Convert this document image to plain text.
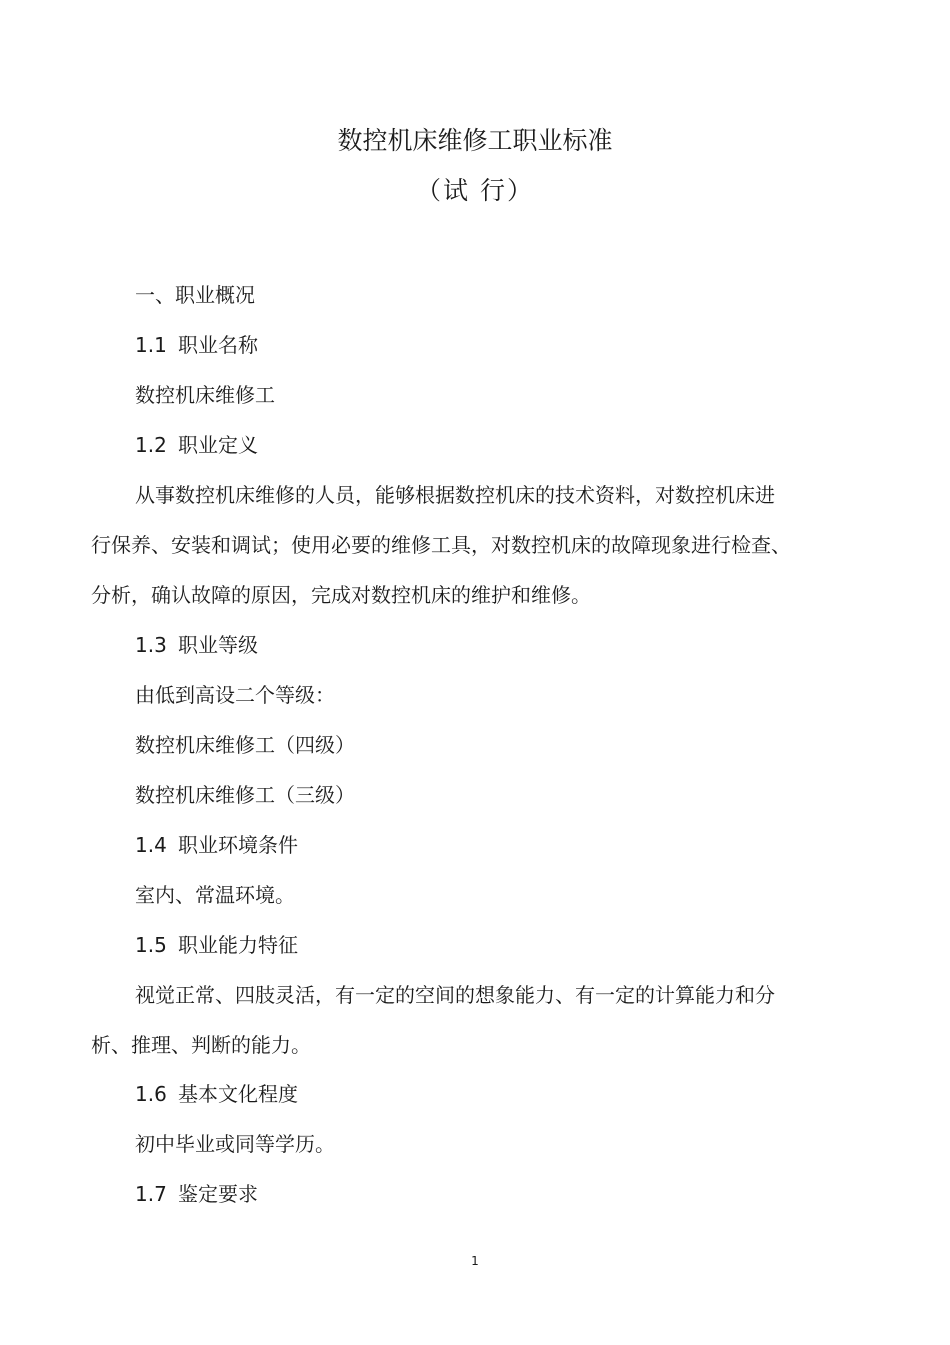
数控机床维修工职业标准
（试 行）
一、职业概况
1.1 职业名称
数控机床维修工
1.2 职业定义
从事数控机床维修的人员，能够根据数控机床的技术资料，对数控机床进
行保养、安装和调试；使用必要的维修工具，对数控机床的故障现象进行检查、
分析，确认故障的原因，完成对数控机床的维护和维修。
1.3 职业等级
由低到高设二个等级：
数控机床维修工（四级）
数控机床维修工（三级）
1.4 职业环境条件
室内、常温环境。
1.5 职业能力特征
视觉正常、四肢灵活，有一定的空间的想象能力、有一定的计算能力和分
析、推理、判断的能力。
1.6 基本文化程度
初中毕业或同等学历。
1.7 鉴定要求
1
